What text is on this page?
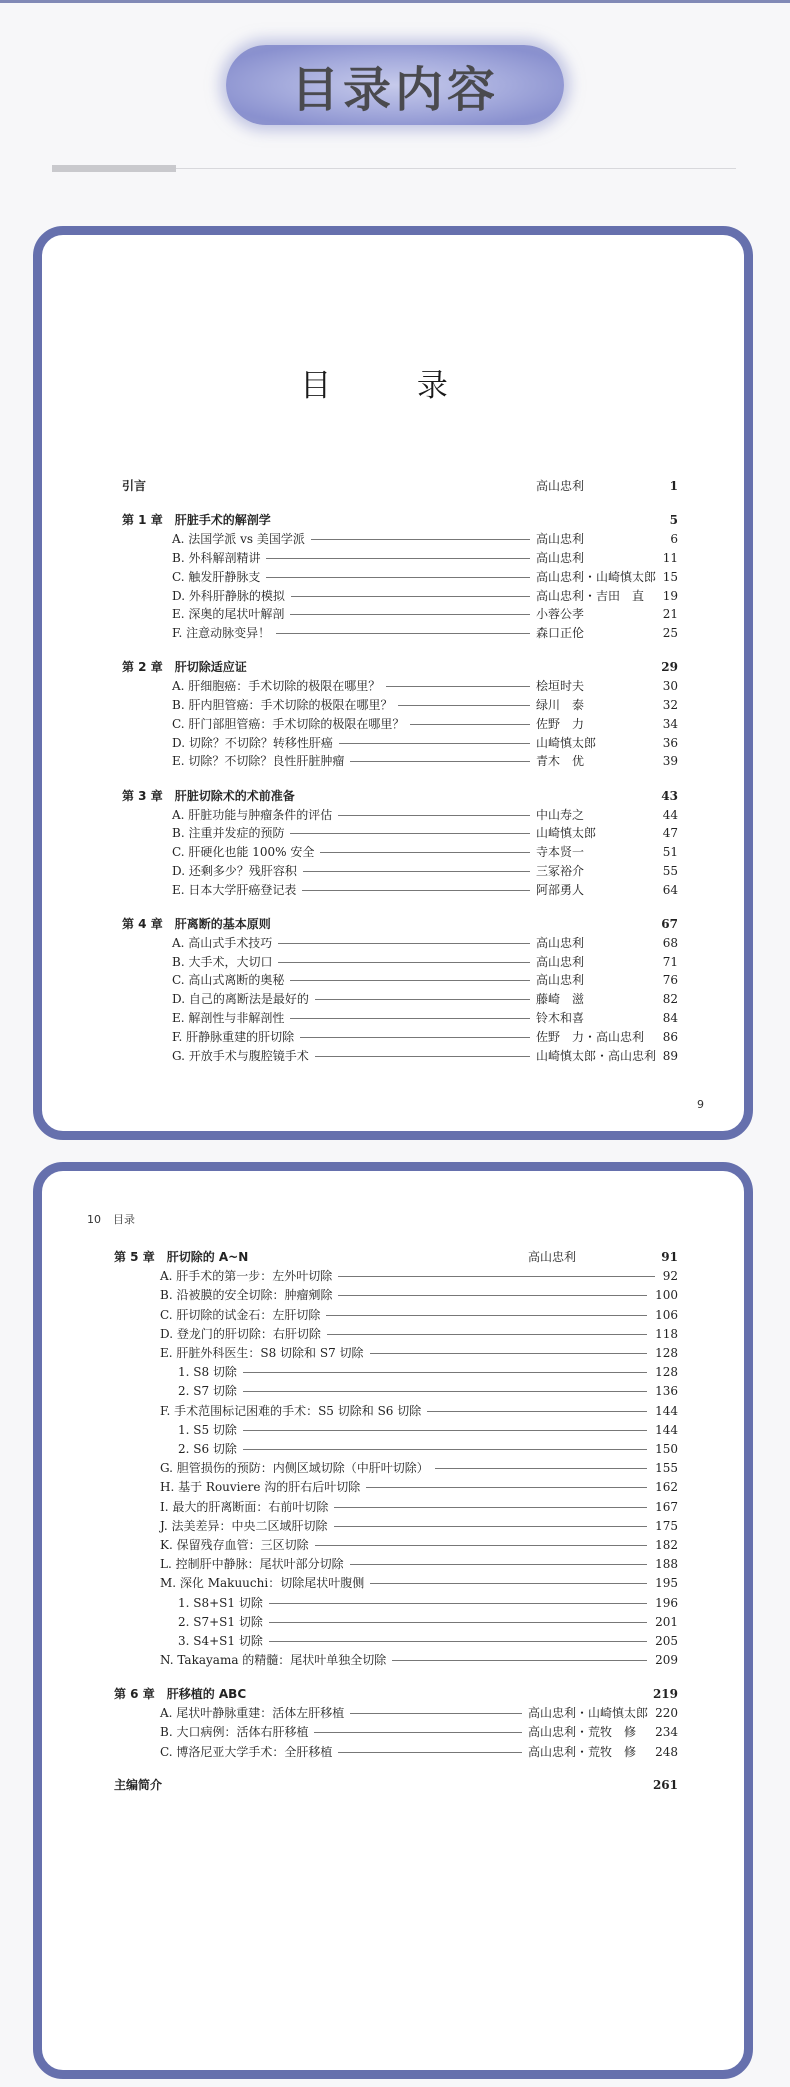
目录内容
目 录
引言	高山忠利	1
第 1 章　肝脏手术的解剖学	5
A. 法国学派 vs 美国学派	高山忠利	6
B. 外科解剖精讲	高山忠利	11
C. 触发肝静脉支	高山忠利・山崎慎太郎 15
D. 外科肝静脉的模拟	高山忠利・吉田　直 19
E. 深奥的尾状叶解剖	小蓉公孝	21
F. 注意动脉变异！	森口正伦	25
第 2 章　肝切除适应证	29
A. 肝细胞癌：手术切除的极限在哪里？	桧垣时夫	30
B. 肝内胆管癌：手术切除的极限在哪里？	绿川　泰	32
C. 肝门部胆管癌：手术切除的极限在哪里？	佐野　力	34
D. 切除？不切除？转移性肝癌	山崎慎太郎	36
E. 切除？不切除？良性肝脏肿瘤	青木　优	39
第 3 章　肝脏切除术的术前准备	43
A. 肝脏功能与肿瘤条件的评估	中山寿之	44
B. 注重并发症的预防	山崎慎太郎	47
C. 肝硬化也能 100% 安全	寺本贤一	51
D. 还剩多少？残肝容积	三冢裕介	55
E. 日本大学肝癌登记表	阿部勇人	64
第 4 章　肝离断的基本原则	67
A. 高山式手术技巧	高山忠利	68
B. 大手术，大切口	高山忠利	71
C. 高山式离断的奥秘	高山忠利	76
D. 自己的离断法是最好的	藤崎　滋	82
E. 解剖性与非解剖性	铃木和喜	84
F. 肝静脉重建的肝切除	佐野　力・高山忠利 86
G. 开放手术与腹腔镜手术	山崎慎太郎・高山忠利 89
9
10 目录
第 5 章　肝切除的 A~N	高山忠利	91
A. 肝手术的第一步：左外叶切除	92
B. 沿被膜的安全切除：肿瘤剜除	100
C. 肝切除的试金石：左肝切除	106
D. 登龙门的肝切除：右肝切除	118
E. 肝脏外科医生：S8 切除和 S7 切除	128
1. S8 切除	128
2. S7 切除	136
F. 手术范围标记困难的手术：S5 切除和 S6 切除	144
1. S5 切除	144
2. S6 切除	150
G. 胆管损伤的预防：内侧区域切除（中肝叶切除）	155
H. 基于 Rouviere 沟的肝右后叶切除	162
I. 最大的肝离断面：右前叶切除	167
J. 法美差异：中央二区域肝切除	175
K. 保留残存血管：三区切除	182
L. 控制肝中静脉：尾状叶部分切除	188
M. 深化 Makuuchi：切除尾状叶腹侧	195
1. S8+S1 切除	196
2. S7+S1 切除	201
3. S4+S1 切除	205
N. Takayama 的精髓：尾状叶单独全切除	209
第 6 章　肝移植的 ABC	219
A. 尾状叶静脉重建：活体左肝移植	高山忠利・山崎慎太郎 220
B. 大口病例：活体右肝移植	高山忠利・荒牧　修 234
C. 博洛尼亚大学手术：全肝移植	高山忠利・荒牧　修 248
主编简介	261
